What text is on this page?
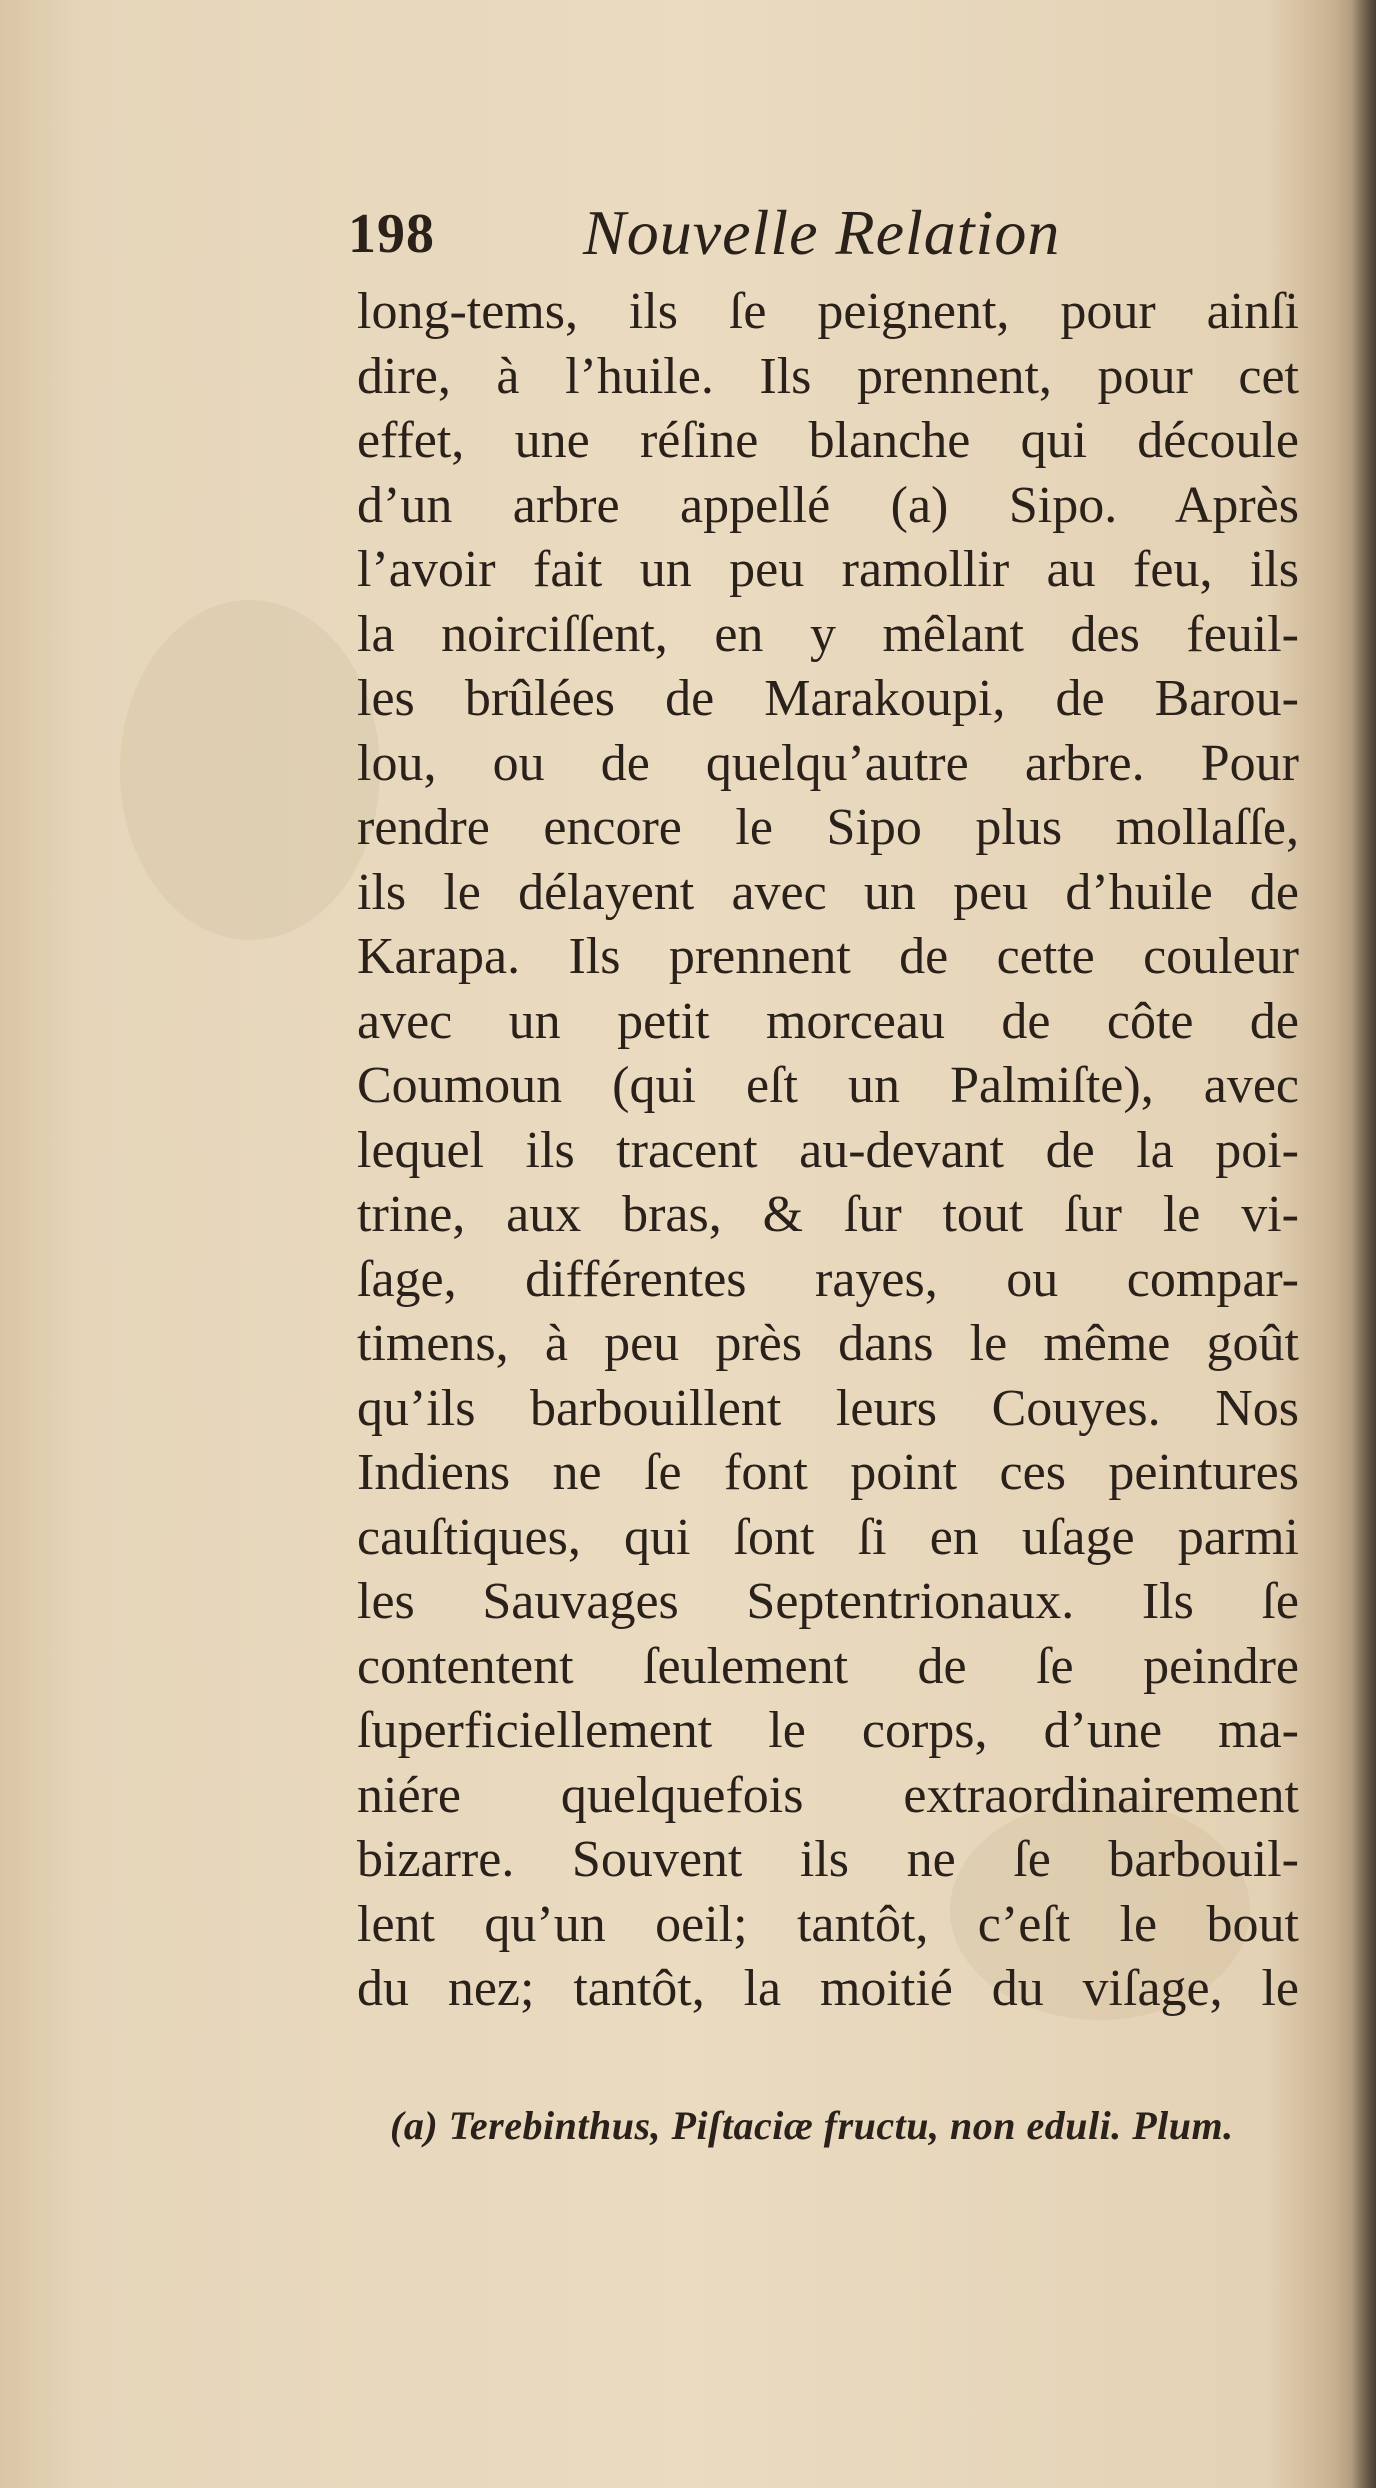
198 Nouvelle Relation
long-tems, ils ſe peignent, pour ainſi
dire, à l’huile. Ils prennent, pour cet
effet, une réſine blanche qui découle
d’un arbre appellé (a) Sipo. Après
l’avoir fait un peu ramollir au feu, ils
la noirciſſent, en y mêlant des feuil-
les brûlées de Marakoupi, de Barou-
lou, ou de quelqu’autre arbre. Pour
rendre encore le Sipo plus mollaſſe,
ils le délayent avec un peu d’huile de
Karapa. Ils prennent de cette couleur
avec un petit morceau de côte de
Coumoun (qui eſt un Palmiſte), avec
lequel ils tracent au-devant de la poi-
trine, aux bras, & ſur tout ſur le vi-
ſage, différentes rayes, ou compar-
timens, à peu près dans le même goût
qu’ils barbouillent leurs Couyes. Nos
Indiens ne ſe font point ces peintures
cauſtiques, qui ſont ſi en uſage parmi
les Sauvages Septentrionaux. Ils ſe
contentent ſeulement de ſe peindre
ſuperficiellement le corps, d’une ma-
niére quelquefois extraordinairement
bizarre. Souvent ils ne ſe barbouil-
lent qu’un oeil; tantôt, c’eſt le bout
du nez; tantôt, la moitié du viſage, le
(a) Terebinthus, Piſtaciæ fructu, non eduli. Plum.
